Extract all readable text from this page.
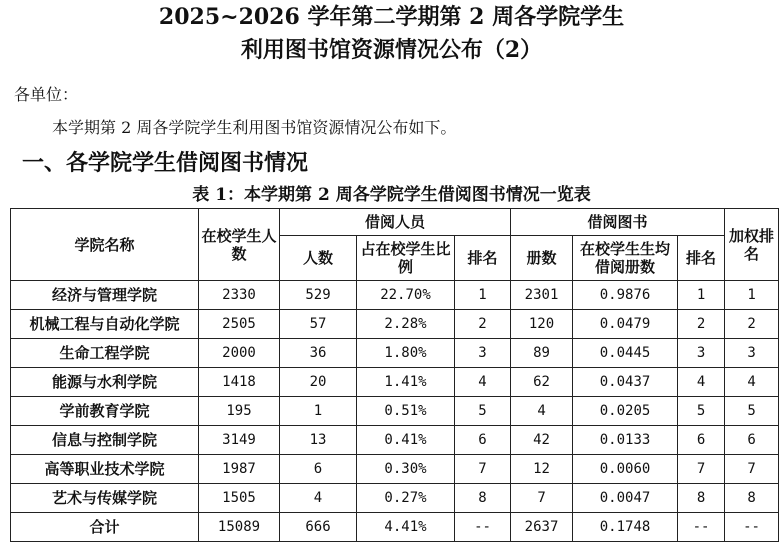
2025~2026 学年第二学期第 2 周各学院学生
利用图书馆资源情况公布（2）
各单位：
本学期第 2 周各学院学生利用图书馆资源情况公布如下。
一、各学院学生借阅图书情况
表 1：本学期第 2 周各学院学生借阅图书情况一览表
学院名称	在校学生人数	借阅人员			借阅图书			加权排名
		人数	占在校学生比例	排名	册数	在校学生生均借阅册数	排名	
经济与管理学院	2330	529	22.70%	1	2301	0.9876	1	1
机械工程与自动化学院	2505	57	2.28%	2	120	0.0479	2	2
生命工程学院	2000	36	1.80%	3	89	0.0445	3	3
能源与水利学院	1418	20	1.41%	4	62	0.0437	4	4
学前教育学院	195	1	0.51%	5	4	0.0205	5	5
信息与控制学院	3149	13	0.41%	6	42	0.0133	6	6
高等职业技术学院	1987	6	0.30%	7	12	0.0060	7	7
艺术与传媒学院	1505	4	0.27%	8	7	0.0047	8	8
合计	15089	666	4.41%	--	2637	0.1748	--	--
